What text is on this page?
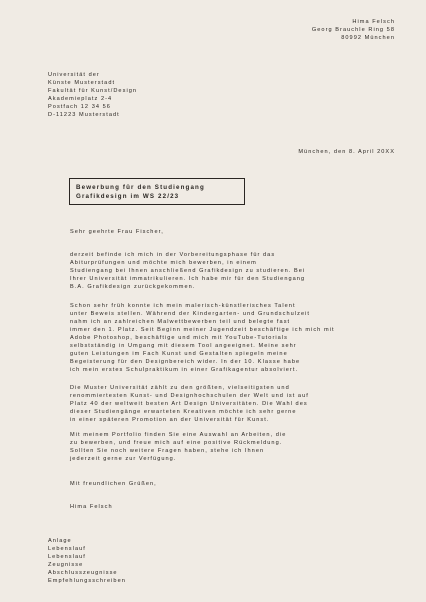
Hima Felsch
Georg Brauchle Ring 58
80992 München
Universität der
Künste Musterstadt
Fakultät für Kunst/Design
Akademieplatz 2-4
Postfach 12 34 56
D-11223 Musterstadt
München, den 8. April 20XX
Bewerbung für den Studiengang
Grafikdesign im WS 22/23
Sehr geehrte Frau Fischer,
derzeit befinde ich mich in der Vorbereitungsphase für das
Abiturprüfungen und möchte mich bewerben, in einem
Studiengang bei Ihnen anschließend Grafikdesign zu studieren. Bei
Ihrer Universität immatrikulieren. Ich habe mir für den Studiengang
B.A. Grafikdesign zurückgekommen.
Schon sehr früh konnte ich mein malerisch-künstlerisches Talent
unter Beweis stellen. Während der Kindergarten- und Grundschulzeit
nahm ich an zahlreichen Malwettbewerben teil und belegte fast
immer den 1. Platz. Seit Beginn meiner Jugendzeit beschäftige ich mich mit
Adobe Photoshop, beschäftige und mich mit YouTube-Tutorials
selbstständig in Umgang mit diesem Tool angeeignet. Meine sehr
guten Leistungen im Fach Kunst und Gestalten spiegeln meine
Begeisterung für den Designbereich wider. In der 10. Klasse habe
ich mein erstes Schulpraktikum in einer Grafikagentur absolviert.
Die Muster Universität zählt zu den größten, vielseitigsten und
renommiertesten Kunst- und Designhochschulen der Welt und ist auf
Platz 40 der weltweit besten Art Design Universitäten. Die Wahl des
dieser Studiengänge erwarteten Kreativen möchte ich sehr gerne
in einer späteren Promotion an der Universität für Kunst.
Mit meinem Portfolio finden Sie eine Auswahl an Arbeiten, die
zu bewerben, und freue mich auf eine positive Rückmeldung.
Sollten Sie noch weitere Fragen haben, stehe ich Ihnen
jederzeit gerne zur Verfügung.
Mit freundlichen Grüßen,
Hima Felsch
Anlage
Lebenslauf
Lebenslauf
Zeugnisse
Abschlusszeugnisse
Empfehlungsschreiben
